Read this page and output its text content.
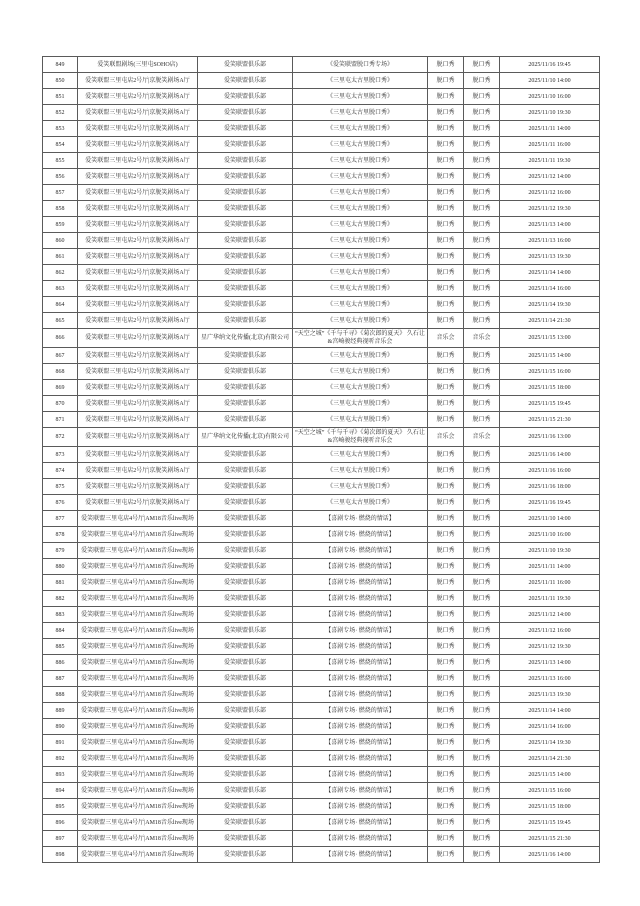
849	爱笑联盟剧场(三里屯SOHO店)	爱笑联盟俱乐部	《爱笑联盟脱口秀专场》	脱口秀	脱口秀	2025/11/16 19:45
850	爱笑联盟三里屯店2号厅|京脱笑剧场A厅	爱笑联盟俱乐部	《三里屯太古里脱口秀》	脱口秀	脱口秀	2025/11/10 14:00
851	爱笑联盟三里屯店2号厅|京脱笑剧场A厅	爱笑联盟俱乐部	《三里屯太古里脱口秀》	脱口秀	脱口秀	2025/11/10 16:00
852	爱笑联盟三里屯店2号厅|京脱笑剧场A厅	爱笑联盟俱乐部	《三里屯太古里脱口秀》	脱口秀	脱口秀	2025/11/10 19:30
853	爱笑联盟三里屯店2号厅|京脱笑剧场A厅	爱笑联盟俱乐部	《三里屯太古里脱口秀》	脱口秀	脱口秀	2025/11/11 14:00
854	爱笑联盟三里屯店2号厅|京脱笑剧场A厅	爱笑联盟俱乐部	《三里屯太古里脱口秀》	脱口秀	脱口秀	2025/11/11 16:00
855	爱笑联盟三里屯店2号厅|京脱笑剧场A厅	爱笑联盟俱乐部	《三里屯太古里脱口秀》	脱口秀	脱口秀	2025/11/11 19:30
856	爱笑联盟三里屯店2号厅|京脱笑剧场A厅	爱笑联盟俱乐部	《三里屯太古里脱口秀》	脱口秀	脱口秀	2025/11/12 14:00
857	爱笑联盟三里屯店2号厅|京脱笑剧场A厅	爱笑联盟俱乐部	《三里屯太古里脱口秀》	脱口秀	脱口秀	2025/11/12 16:00
858	爱笑联盟三里屯店2号厅|京脱笑剧场A厅	爱笑联盟俱乐部	《三里屯太古里脱口秀》	脱口秀	脱口秀	2025/11/12 19:30
859	爱笑联盟三里屯店2号厅|京脱笑剧场A厅	爱笑联盟俱乐部	《三里屯太古里脱口秀》	脱口秀	脱口秀	2025/11/13 14:00
860	爱笑联盟三里屯店2号厅|京脱笑剧场A厅	爱笑联盟俱乐部	《三里屯太古里脱口秀》	脱口秀	脱口秀	2025/11/13 16:00
861	爱笑联盟三里屯店2号厅|京脱笑剧场A厅	爱笑联盟俱乐部	《三里屯太古里脱口秀》	脱口秀	脱口秀	2025/11/13 19:30
862	爱笑联盟三里屯店2号厅|京脱笑剧场A厅	爱笑联盟俱乐部	《三里屯太古里脱口秀》	脱口秀	脱口秀	2025/11/14 14:00
863	爱笑联盟三里屯店2号厅|京脱笑剧场A厅	爱笑联盟俱乐部	《三里屯太古里脱口秀》	脱口秀	脱口秀	2025/11/14 16:00
864	爱笑联盟三里屯店2号厅|京脱笑剧场A厅	爱笑联盟俱乐部	《三里屯太古里脱口秀》	脱口秀	脱口秀	2025/11/14 19:30
865	爱笑联盟三里屯店2号厅|京脱笑剧场A厅	爱笑联盟俱乐部	《三里屯太古里脱口秀》	脱口秀	脱口秀	2025/11/14 21:30
866	爱笑联盟三里屯店2号厅|京脱笑剧场A厅	星广华纳文化传播(北京)有限公司	“天空之城”《千与千寻》《菊次郎的夏天》 久石让&宫崎骏经典视听音乐会	音乐会	音乐会	2025/11/15 13:00
867	爱笑联盟三里屯店2号厅|京脱笑剧场A厅	爱笑联盟俱乐部	《三里屯太古里脱口秀》	脱口秀	脱口秀	2025/11/15 14:00
868	爱笑联盟三里屯店2号厅|京脱笑剧场A厅	爱笑联盟俱乐部	《三里屯太古里脱口秀》	脱口秀	脱口秀	2025/11/15 16:00
869	爱笑联盟三里屯店2号厅|京脱笑剧场A厅	爱笑联盟俱乐部	《三里屯太古里脱口秀》	脱口秀	脱口秀	2025/11/15 18:00
870	爱笑联盟三里屯店2号厅|京脱笑剧场A厅	爱笑联盟俱乐部	《三里屯太古里脱口秀》	脱口秀	脱口秀	2025/11/15 19:45
871	爱笑联盟三里屯店2号厅|京脱笑剧场A厅	爱笑联盟俱乐部	《三里屯太古里脱口秀》	脱口秀	脱口秀	2025/11/15 21:30
872	爱笑联盟三里屯店2号厅|京脱笑剧场A厅	星广华纳文化传播(北京)有限公司	“天空之城”《千与千寻》《菊次郎的夏天》 久石让&宫崎骏经典视听音乐会	音乐会	音乐会	2025/11/16 13:00
873	爱笑联盟三里屯店2号厅|京脱笑剧场A厅	爱笑联盟俱乐部	《三里屯太古里脱口秀》	脱口秀	脱口秀	2025/11/16 14:00
874	爱笑联盟三里屯店2号厅|京脱笑剧场A厅	爱笑联盟俱乐部	《三里屯太古里脱口秀》	脱口秀	脱口秀	2025/11/16 16:00
875	爱笑联盟三里屯店2号厅|京脱笑剧场A厅	爱笑联盟俱乐部	《三里屯太古里脱口秀》	脱口秀	脱口秀	2025/11/16 18:00
876	爱笑联盟三里屯店2号厅|京脱笑剧场A厅	爱笑联盟俱乐部	《三里屯太古里脱口秀》	脱口秀	脱口秀	2025/11/16 19:45
877	爱笑联盟三里屯店4号厅|AM18音乐live现场	爱笑联盟俱乐部	【喜剧专场· 燃烧的情话】	脱口秀	脱口秀	2025/11/10 14:00
878	爱笑联盟三里屯店4号厅|AM18音乐live现场	爱笑联盟俱乐部	【喜剧专场· 燃烧的情话】	脱口秀	脱口秀	2025/11/10 16:00
879	爱笑联盟三里屯店4号厅|AM18音乐live现场	爱笑联盟俱乐部	【喜剧专场· 燃烧的情话】	脱口秀	脱口秀	2025/11/10 19:30
880	爱笑联盟三里屯店4号厅|AM18音乐live现场	爱笑联盟俱乐部	【喜剧专场· 燃烧的情话】	脱口秀	脱口秀	2025/11/11 14:00
881	爱笑联盟三里屯店4号厅|AM18音乐live现场	爱笑联盟俱乐部	【喜剧专场· 燃烧的情话】	脱口秀	脱口秀	2025/11/11 16:00
882	爱笑联盟三里屯店4号厅|AM18音乐live现场	爱笑联盟俱乐部	【喜剧专场· 燃烧的情话】	脱口秀	脱口秀	2025/11/11 19:30
883	爱笑联盟三里屯店4号厅|AM18音乐live现场	爱笑联盟俱乐部	【喜剧专场· 燃烧的情话】	脱口秀	脱口秀	2025/11/12 14:00
884	爱笑联盟三里屯店4号厅|AM18音乐live现场	爱笑联盟俱乐部	【喜剧专场· 燃烧的情话】	脱口秀	脱口秀	2025/11/12 16:00
885	爱笑联盟三里屯店4号厅|AM18音乐live现场	爱笑联盟俱乐部	【喜剧专场· 燃烧的情话】	脱口秀	脱口秀	2025/11/12 19:30
886	爱笑联盟三里屯店4号厅|AM18音乐live现场	爱笑联盟俱乐部	【喜剧专场· 燃烧的情话】	脱口秀	脱口秀	2025/11/13 14:00
887	爱笑联盟三里屯店4号厅|AM18音乐live现场	爱笑联盟俱乐部	【喜剧专场· 燃烧的情话】	脱口秀	脱口秀	2025/11/13 16:00
888	爱笑联盟三里屯店4号厅|AM18音乐live现场	爱笑联盟俱乐部	【喜剧专场· 燃烧的情话】	脱口秀	脱口秀	2025/11/13 19:30
889	爱笑联盟三里屯店4号厅|AM18音乐live现场	爱笑联盟俱乐部	【喜剧专场· 燃烧的情话】	脱口秀	脱口秀	2025/11/14 14:00
890	爱笑联盟三里屯店4号厅|AM18音乐live现场	爱笑联盟俱乐部	【喜剧专场· 燃烧的情话】	脱口秀	脱口秀	2025/11/14 16:00
891	爱笑联盟三里屯店4号厅|AM18音乐live现场	爱笑联盟俱乐部	【喜剧专场· 燃烧的情话】	脱口秀	脱口秀	2025/11/14 19:30
892	爱笑联盟三里屯店4号厅|AM18音乐live现场	爱笑联盟俱乐部	【喜剧专场· 燃烧的情话】	脱口秀	脱口秀	2025/11/14 21:30
893	爱笑联盟三里屯店4号厅|AM18音乐live现场	爱笑联盟俱乐部	【喜剧专场· 燃烧的情话】	脱口秀	脱口秀	2025/11/15 14:00
894	爱笑联盟三里屯店4号厅|AM18音乐live现场	爱笑联盟俱乐部	【喜剧专场· 燃烧的情话】	脱口秀	脱口秀	2025/11/15 16:00
895	爱笑联盟三里屯店4号厅|AM18音乐live现场	爱笑联盟俱乐部	【喜剧专场· 燃烧的情话】	脱口秀	脱口秀	2025/11/15 18:00
896	爱笑联盟三里屯店4号厅|AM18音乐live现场	爱笑联盟俱乐部	【喜剧专场· 燃烧的情话】	脱口秀	脱口秀	2025/11/15 19:45
897	爱笑联盟三里屯店4号厅|AM18音乐live现场	爱笑联盟俱乐部	【喜剧专场· 燃烧的情话】	脱口秀	脱口秀	2025/11/15 21:30
898	爱笑联盟三里屯店4号厅|AM18音乐live现场	爱笑联盟俱乐部	【喜剧专场· 燃烧的情话】	脱口秀	脱口秀	2025/11/16 14:00
